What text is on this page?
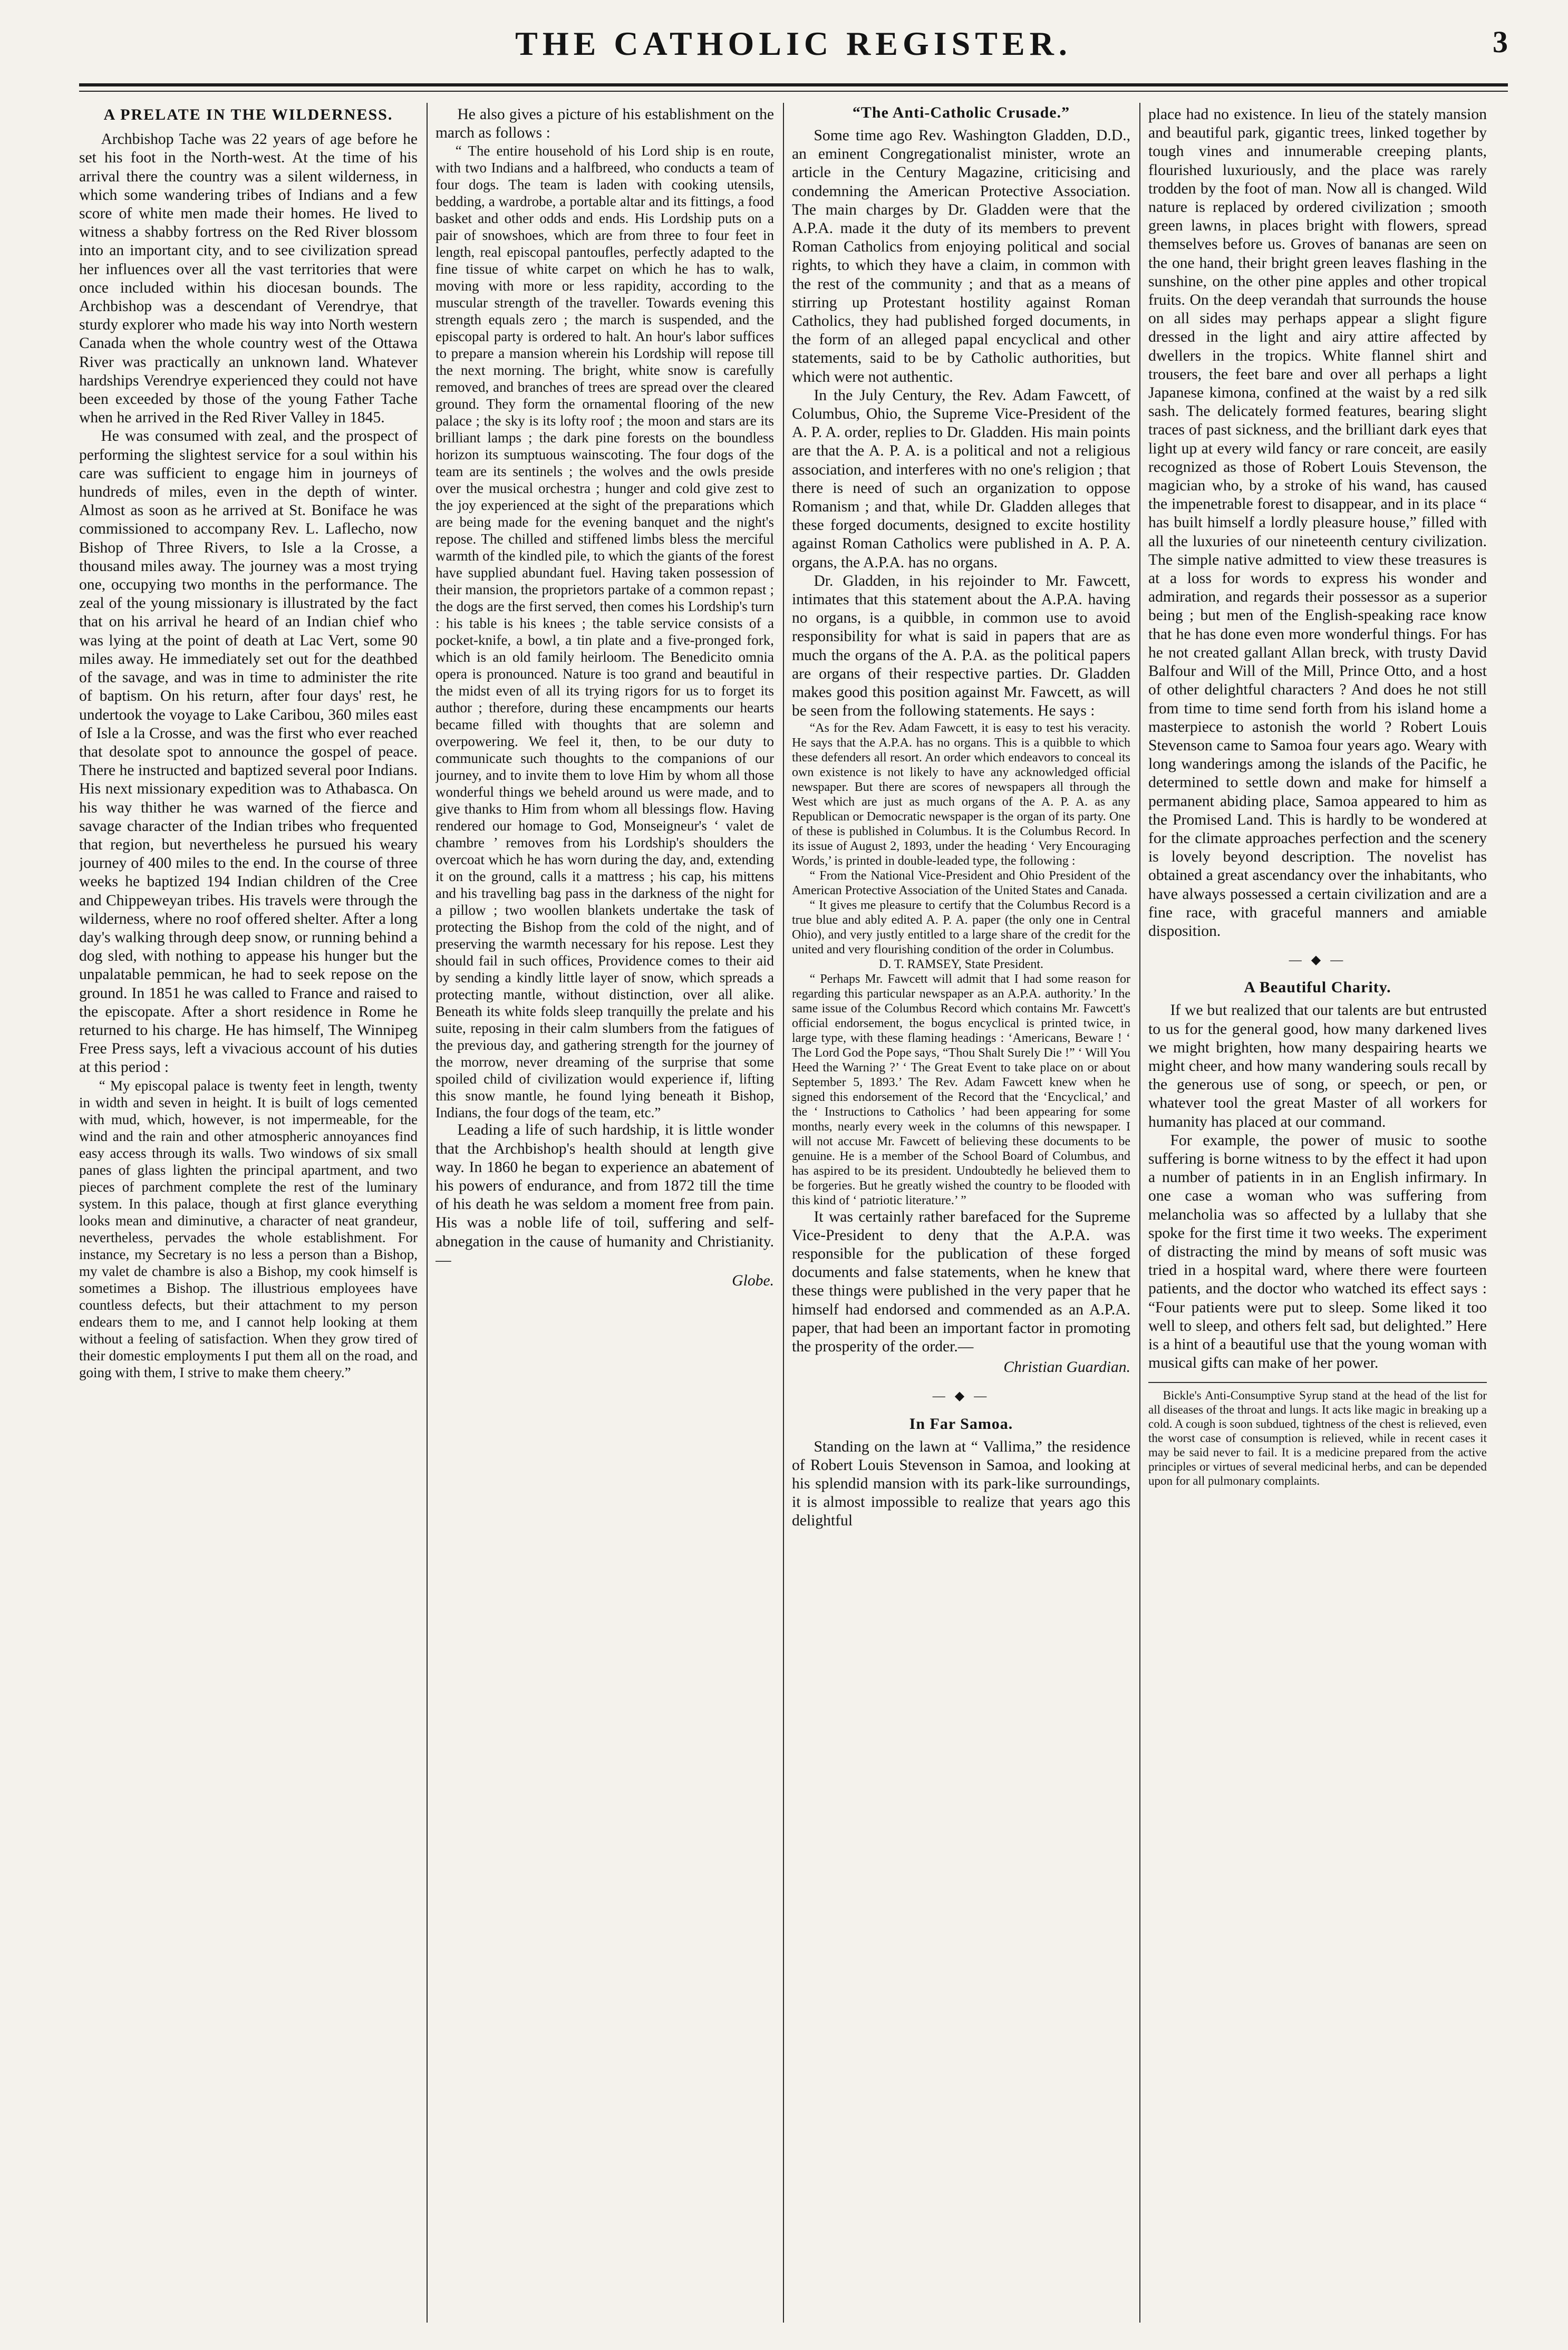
THE CATHOLIC REGISTER.	3
A PRELATE IN THE WILDERNESS.

Archbishop Tache was 22 years of age before he set his foot in the North-west. At the time of his arrival there the country was a silent wilderness, in which some wandering tribes of Indians and a few score of white men made their homes. He lived to witness a shabby fortress on the Red River blossom into an important city, and to see civilization spread her influences over all the vast territories that were once included within his diocesan bounds. The Archbishop was a descendant of Verendrye, that sturdy explorer who made his way into North western Canada when the whole country west of the Ottawa River was practically an unknown land. Whatever hardships Verendrye experienced they could not have been exceeded by those of the young Father Tache when he arrived in the Red River Valley in 1845.

He was consumed with zeal, and the prospect of performing the slightest service for a soul within his care was sufficient to engage him in journeys of hundreds of miles, even in the depth of winter. Almost as soon as he arrived at St. Boniface he was commissioned to accompany Rev. L. Laflecho, now Bishop of Three Rivers, to Isle a la Crosse, a thousand miles away. The journey was a most trying one, occupying two months in the performance. The zeal of the young missionary is illustrated by the fact that on his arrival he heard of an Indian chief who was lying at the point of death at Lac Vert, some 90 miles away. He immediately set out for the deathbed of the savage, and was in time to administer the rite of baptism. On his return, after four days' rest, he undertook the voyage to Lake Caribou, 360 miles east of Isle a la Crosse, and was the first who ever reached that desolate spot to announce the gospel of peace. There he instructed and baptized several poor Indians. His next missionary expedition was to Athabasca. On his way thither he was warned of the fierce and savage character of the Indian tribes who frequented that region, but nevertheless he pursued his weary journey of 400 miles to the end. In the course of three weeks he baptized 194 Indian children of the Cree and Chippeweyan tribes. His travels were through the wilderness, where no roof offered shelter. After a long day's walking through deep snow, or running behind a dog sled, with nothing to appease his hunger but the unpalatable pemmican, he had to seek repose on the ground. In 1851 he was called to France and raised to the episcopate. After a short residence in Rome he returned to his charge. He has himself, The Winnipeg Free Press says, left a vivacious account of his duties at this period :

“ My episcopal palace is twenty feet in length, twenty in width and seven in height. It is built of logs cemented with mud, which, however, is not impermeable, for the wind and the rain and other atmospheric annoyances find easy access through its walls. Two windows of six small panes of glass lighten the principal apartment, and two pieces of parchment complete the rest of the luminary system. In this palace, though at first glance everything looks mean and diminutive, a character of neat grandeur, nevertheless, pervades the whole establishment. For instance, my Secretary is no less a person than a Bishop, my valet de chambre is also a Bishop, my cook himself is sometimes a Bishop. The illustrious employees have countless defects, but their attachment to my person endears them to me, and I cannot help looking at them without a feeling of satisfaction. When they grow tired of their domestic employments I put them all on the road, and going with them, I strive to make them cheery.”

He also gives a picture of his establishment on the march as follows :

“ The entire household of his Lord ship is en route, with two Indians and a halfbreed, who conducts a team of four dogs. The team is laden with cooking utensils, bedding, a wardrobe, a portable altar and its fittings, a food basket and other odds and ends. His Lordship puts on a pair of snowshoes, which are from three to four feet in length, real episcopal pantoufles, perfectly adapted to the fine tissue of white carpet on which he has to walk, moving with more or less rapidity, according to the muscular strength of the traveller. Towards evening this strength equals zero ; the march is suspended, and the episcopal party is ordered to halt. An hour's labor suffices to prepare a mansion wherein his Lordship will repose till the next morning. The bright, white snow is carefully removed, and branches of trees are spread over the cleared ground. They form the ornamental flooring of the new palace ; the sky is its lofty roof ; the moon and stars are its brilliant lamps ; the dark pine forests on the boundless horizon its sumptuous wainscoting. The four dogs of the team are its sentinels ; the wolves and the owls preside over the musical orchestra ; hunger and cold give zest to the joy experienced at the sight of the preparations which are being made for the evening banquet and the night's repose. The chilled and stiffened limbs bless the merciful warmth of the kindled pile, to which the giants of the forest have supplied abundant fuel. Having taken possession of their mansion, the proprietors partake of a common repast ; the dogs are the first served, then comes his Lordship's turn : his table is his knees ; the table service consists of a pocket-knife, a bowl, a tin plate and a five-pronged fork, which is an old family heirloom. The Benedicito omnia opera is pronounced. Nature is too grand and beautiful in the midst even of all its trying rigors for us to forget its author ; therefore, during these encampments our hearts became filled with thoughts that are solemn and overpowering. We feel it, then, to be our duty to communicate such thoughts to the companions of our journey, and to invite them to love Him by whom all those wonderful things we beheld around us were made, and to give thanks to Him from whom all blessings flow. Having rendered our homage to God, Monseigneur's ‘ valet de chambre ’ removes from his Lordship's shoulders the overcoat which he has worn during the day, and, extending it on the ground, calls it a mattress ; his cap, his mittens and his travelling bag pass in the darkness of the night for a pillow ; two woollen blankets undertake the task of protecting the Bishop from the cold of the night, and of preserving the warmth necessary for his repose. Lest they should fail in such offices, Providence comes to their aid by sending a kindly little layer of snow, which spreads a protecting mantle, without distinction, over all alike. Beneath its white folds sleep tranquilly the prelate and his suite, reposing in their calm slumbers from the fatigues of the previous day, and gathering strength for the journey of the morrow, never dreaming of the surprise that some spoiled child of civilization would experience if, lifting this snow mantle, he found lying beneath it Bishop, Indians, the four dogs of the team, etc.”

Leading a life of such hardship, it is little wonder that the Archbishop's health should at length give way. In 1860 he began to experience an abatement of his powers of endurance, and from 1872 till the time of his death he was seldom a moment free from pain. His was a noble life of toil, suffering and self-abnegation in the cause of humanity and Christianity.—

Globe.

“The Anti-Catholic Crusade.”

Some time ago Rev. Washington Gladden, D.D., an eminent Congregationalist minister, wrote an article in the Century Magazine, criticising and condemning the American Protective Association. The main charges by Dr. Gladden were that the A.P.A. made it the duty of its members to prevent Roman Catholics from enjoying political and social rights, to which they have a claim, in common with the rest of the community ; and that as a means of stirring up Protestant hostility against Roman Catholics, they had published forged documents, in the form of an alleged papal encyclical and other statements, said to be by Catholic authorities, but which were not authentic.

In the July Century, the Rev. Adam Fawcett, of Columbus, Ohio, the Supreme Vice-President of the A. P. A. order, replies to Dr. Gladden. His main points are that the A. P. A. is a political and not a religious association, and interferes with no one's religion ; that there is need of such an organization to oppose Romanism ; and that, while Dr. Gladden alleges that these forged documents, designed to excite hostility against Roman Catholics were published in A. P. A. organs, the A.P.A. has no organs.

Dr. Gladden, in his rejoinder to Mr. Fawcett, intimates that this statement about the A.P.A. having no organs, is a quibble, in common use to avoid responsibility for what is said in papers that are as much the organs of the A. P.A. as the political papers are organs of their respective parties. Dr. Gladden makes good this position against Mr. Fawcett, as will be seen from the following statements. He says :

“As for the Rev. Adam Fawcett, it is easy to test his veracity. He says that the A.P.A. has no organs. This is a quibble to which these defenders all resort. An order which endeavors to conceal its own existence is not likely to have any acknowledged official newspaper. But there are scores of newspapers all through the West which are just as much organs of the A. P. A. as any Republican or Democratic newspaper is the organ of its party. One of these is published in Columbus. It is the Columbus Record. In its issue of August 2, 1893, under the heading ‘ Very Encouraging Words,’ is printed in double-leaded type, the following :

“ From the National Vice-President and Ohio President of the American Protective Association of the United States and Canada.

“ It gives me pleasure to certify that the Columbus Record is a true blue and ably edited A. P. A. paper (the only one in Central Ohio), and very justly entitled to a large share of the credit for the united and very flourishing condition of the order in Columbus.

D. T. RAMSEY, State President.

“ Perhaps Mr. Fawcett will admit that I had some reason for regarding this particular newspaper as an A.P.A. authority.’ In the same issue of the Columbus Record which contains Mr. Fawcett's official endorsement, the bogus encyclical is printed twice, in large type, with these flaming headings : ‘Americans, Beware ! ‘ The Lord God the Pope says, “Thou Shalt Surely Die !” ‘ Will You Heed the Warning ?’ ‘ The Great Event to take place on or about September 5, 1893.’ The Rev. Adam Fawcett knew when he signed this endorsement of the Record that the ‘Encyclical,’ and the ‘ Instructions to Catholics ’ had been appearing for some months, nearly every week in the columns of this newspaper. I will not accuse Mr. Fawcett of believing these documents to be genuine. He is a member of the School Board of Columbus, and has aspired to be its president. Undoubtedly he believed them to be forgeries. But he greatly wished the country to be flooded with this kind of ‘ patriotic literature.’ ”

It was certainly rather barefaced for the Supreme Vice-President to deny that the A.P.A. was responsible for the publication of these forged documents and false statements, when he knew that these things were published in the very paper that he himself had endorsed and commended as an A.P.A. paper, that had been an important factor in promoting the prosperity of the order.—

Christian Guardian.

— ◆ —
In Far Samoa.

Standing on the lawn at “ Vallima,” the residence of Robert Louis Stevenson in Samoa, and looking at his splendid mansion with its park-like surroundings, it is almost impossible to realize that years ago this delightful

place had no existence. In lieu of the stately mansion and beautiful park, gigantic trees, linked together by tough vines and innumerable creeping plants, flourished luxuriously, and the place was rarely trodden by the foot of man. Now all is changed. Wild nature is replaced by ordered civilization ; smooth green lawns, in places bright with flowers, spread themselves before us. Groves of bananas are seen on the one hand, their bright green leaves flashing in the sunshine, on the other pine apples and other tropical fruits. On the deep verandah that surrounds the house on all sides may perhaps appear a slight figure dressed in the light and airy attire affected by dwellers in the tropics. White flannel shirt and trousers, the feet bare and over all perhaps a light Japanese kimona, confined at the waist by a red silk sash. The delicately formed features, bearing slight traces of past sickness, and the brilliant dark eyes that light up at every wild fancy or rare conceit, are easily recognized as those of Robert Louis Stevenson, the magician who, by a stroke of his wand, has caused the impenetrable forest to disappear, and in its place “ has built himself a lordly pleasure house,” filled with all the luxuries of our nineteenth century civilization. The simple native admitted to view these treasures is at a loss for words to express his wonder and admiration, and regards their possessor as a superior being ; but men of the English-speaking race know that he has done even more wonderful things. For has he not created gallant Allan breck, with trusty David Balfour and Will of the Mill, Prince Otto, and a host of other delightful characters ? And does he not still from time to time send forth from his island home a masterpiece to astonish the world ? Robert Louis Stevenson came to Samoa four years ago. Weary with long wanderings among the islands of the Pacific, he determined to settle down and make for himself a permanent abiding place, Samoa appeared to him as the Promised Land. This is hardly to be wondered at for the climate approaches perfection and the scenery is lovely beyond description. The novelist has obtained a great ascendancy over the inhabitants, who have always possessed a certain civilization and are a fine race, with graceful manners and amiable disposition.

— ◆ —
A Beautiful Charity.

If we but realized that our talents are but entrusted to us for the general good, how many darkened lives we might brighten, how many despairing hearts we might cheer, and how many wandering souls recall by the generous use of song, or speech, or pen, or whatever tool the great Master of all workers for humanity has placed at our command.

For example, the power of music to soothe suffering is borne witness to by the effect it had upon a number of patients in in an English infirmary. In one case a woman who was suffering from melancholia was so affected by a lullaby that she spoke for the first time it two weeks. The experiment of distracting the mind by means of soft music was tried in a hospital ward, where there were fourteen patients, and the doctor who watched its effect says : “Four patients were put to sleep. Some liked it too well to sleep, and others felt sad, but delighted.” Here is a hint of a beautiful use that the young woman with musical gifts can make of her power.

Bickle's Anti-Consumptive Syrup stand at the head of the list for all diseases of the throat and lungs. It acts like magic in breaking up a cold. A cough is soon subdued, tightness of the chest is relieved, even the worst case of consumption is relieved, while in recent cases it may be said never to fail. It is a medicine prepared from the active principles or virtues of several medicinal herbs, and can be depended upon for all pulmonary complaints.
